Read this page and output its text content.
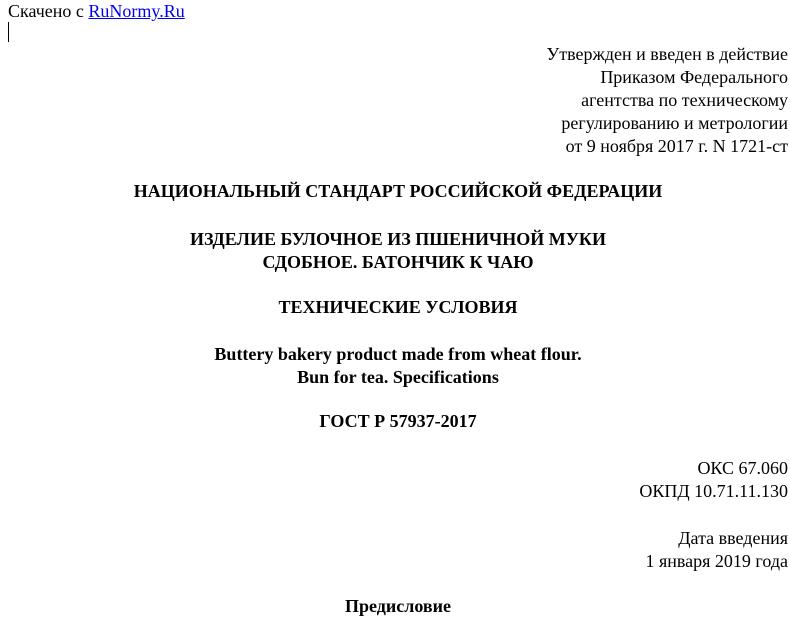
Скачено с RuNormy.Ru
Утвержден и введен в действие
Приказом Федерального
агентства по техническому
регулированию и метрологии
от 9 ноября 2017 г. N 1721-ст
НАЦИОНАЛЬНЫЙ СТАНДАРТ РОССИЙСКОЙ ФЕДЕРАЦИИ
ИЗДЕЛИЕ БУЛОЧНОЕ ИЗ ПШЕНИЧНОЙ МУКИ
СДОБНОЕ. БАТОНЧИК К ЧАЮ
ТЕХНИЧЕСКИЕ УСЛОВИЯ
Buttery bakery product made from wheat flour.
Bun for tea. Specifications
ГОСТ Р 57937-2017
ОКС 67.060
ОКПД 10.71.11.130
Дата введения
1 января 2019 года
Предисловие
